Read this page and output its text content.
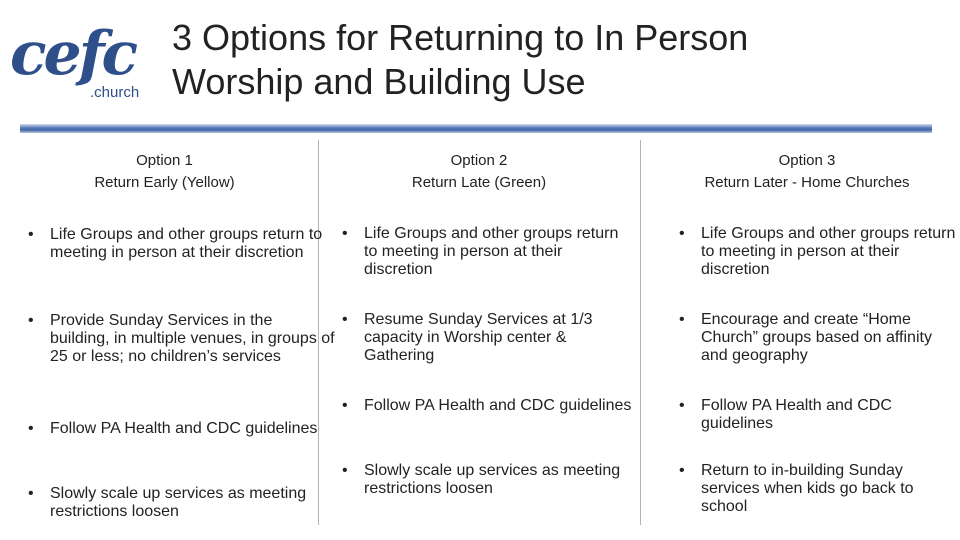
cefc
.church
3 Options for Returning to In Person
Worship and Building Use
Option 1
Return Early (Yellow)
• Life Groups and other groups return to meeting in person at their discretion
• Provide Sunday Services in the building, in multiple venues, in groups of 25 or less; no children’s services
• Follow PA Health and CDC guidelines
• Slowly scale up services as meeting restrictions loosen
Option 2
Return Late (Green)
• Life Groups and other groups return to meeting in person at their discretion
• Resume Sunday Services at 1/3 capacity in Worship center & Gathering
• Follow PA Health and CDC guidelines
• Slowly scale up services as meeting restrictions loosen
Option 3
Return Later - Home Churches
• Life Groups and other groups return to meeting in person at their discretion
• Encourage and create “Home Church” groups based on affinity and geography
• Follow PA Health and CDC guidelines
• Return to in-building Sunday services when kids go back to school
